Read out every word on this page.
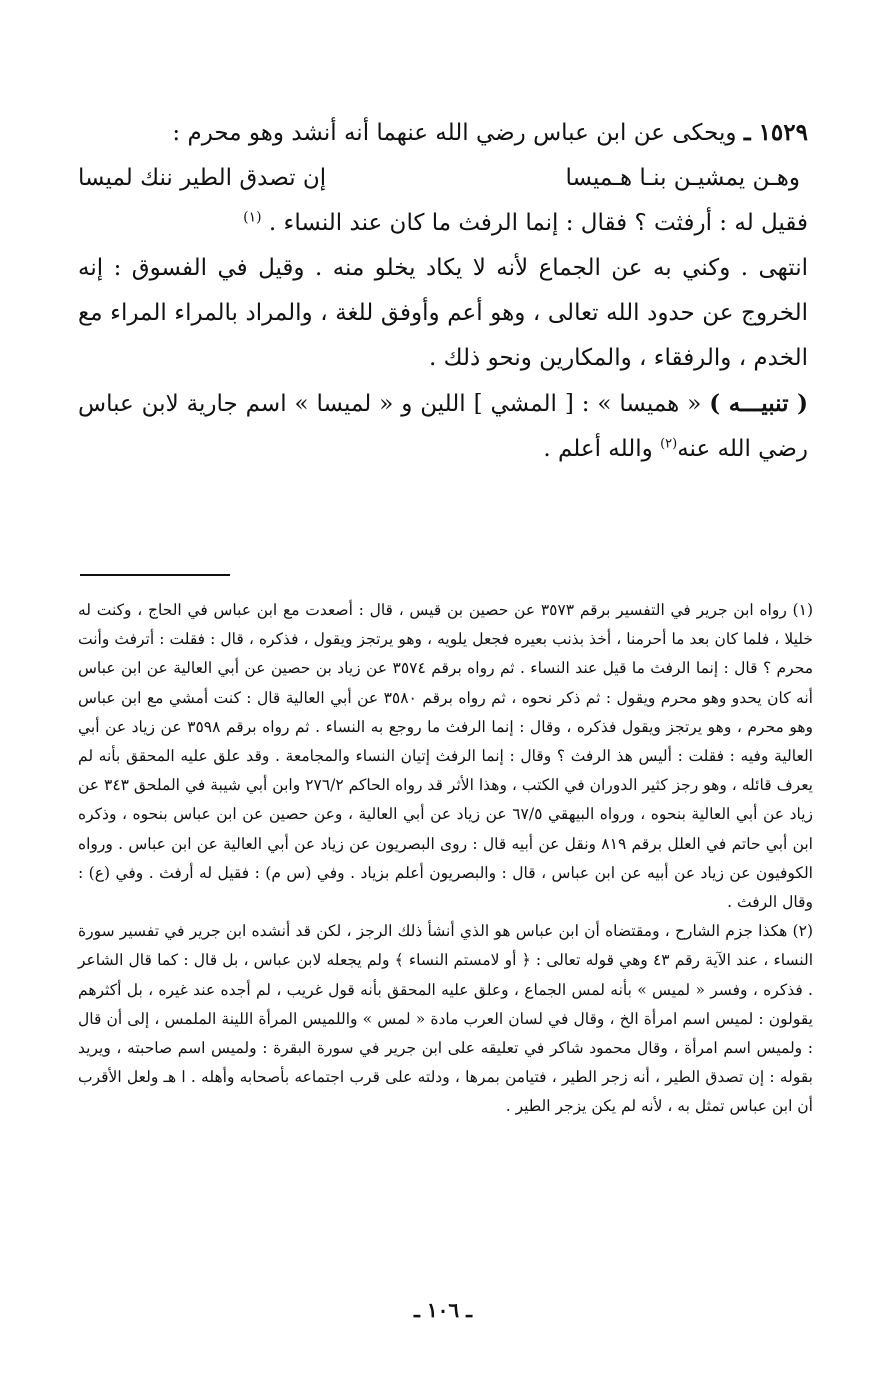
١٥٢٩ ـ ويحكى عن ابن عباس رضي الله عنهما أنه أنشد وهو محرم :

وهـن يمشيـن بنـا هـميسا
إن تصدق الطير ننك لميسا

فقيل له : أرفثت ؟ فقال : إنما الرفث ما كان عند النساء . $^{(١)}$

انتهى . وكني به عن الجماع لأنه لا يكاد يخلو منه . وقيل في الفسوق : إنه الخروج عن حدود الله تعالى ، وهو أعم وأوفق للغة ، والمراد بالمراء المراء مع الخدم ، والرفقاء ، والمكارين ونحو ذلك .

( تنبيـــه ) « هميسا » : [ المشي ] اللين و « لميسا » اسم جارية لابن عباس رضي الله عنه$^{(٢)}$ والله أعلم .

(١) رواه ابن جرير في التفسير برقم ٣٥٧٣ عن حصين بن قيس ، قال : أصعدت مع ابن عباس في الحاج ، وكنت له خليلا ، فلما كان بعد ما أحرمنا ، أخذ بذنب بعيره فجعل يلويه ، وهو يرتجز ويقول ، فذكره ، قال : فقلت : أترفث وأنت محرم ؟ قال : إنما الرفث ما قيل عند النساء . ثم رواه برقم ٣٥٧٤ عن زياد بن حصين عن أبي العالية عن ابن عباس أنه كان يحدو وهو محرم ويقول : ثم ذكر نحوه ، ثم رواه برقم ٣٥٨٠ عن أبي العالية قال : كنت أمشي مع ابن عباس وهو محرم ، وهو يرتجز ويقول فذكره ، وقال : إنما الرفث ما روجع به النساء . ثم رواه برقم ٣٥٩٨ عن زياد عن أبي العالية وفيه : فقلت : أليس هذ الرفث ؟ وقال : إنما الرفث إتيان النساء والمجامعة . وقد علق عليه المحقق بأنه لم يعرف قائله ، وهو رجز كثير الدوران في الكتب ، وهذا الأثر قد رواه الحاكم ٢٧٦/٢ وابن أبي شيبة في الملحق ٣٤٣ عن زياد عن أبي العالية بنحوه ، ورواه البيهقي ٦٧/٥ عن زياد عن أبي العالية ، وعن حصين عن ابن عباس بنحوه ، وذكره ابن أبي حاتم في العلل برقم ٨١٩ ونقل عن أبيه قال : روى البصريون عن زياد عن أبي العالية عن ابن عباس . ورواه الكوفيون عن زياد عن أبيه عن ابن عباس ، قال : والبصريون أعلم بزياد . وفي (س م) : فقيل له أرفث . وفي (ع) : وقال الرفث .

(٢) هكذا جزم الشارح ، ومقتضاه أن ابن عباس هو الذي أنشأ ذلك الرجز ، لكن قد أنشده ابن جرير في تفسير سورة النساء ، عند الآية رقم ٤٣ وهي قوله تعالى : ﴿ أو لامستم النساء ﴾ ولم يجعله لابن عباس ، بل قال : كما قال الشاعر . فذكره ، وفسر « لميس » بأنه لمس الجماع ، وعلق عليه المحقق بأنه قول غريب ، لم أجده عند غيره ، بل أكثرهم يقولون : لميس اسم امرأة الخ ، وقال في لسان العرب مادة « لمس » واللميس المرأة اللينة الملمس ، إلى أن قال : ولميس اسم امرأة ، وقال محمود شاكر في تعليقه على ابن جرير في سورة البقرة : ولميس اسم صاحبته ، ويريد بقوله : إن تصدق الطير ، أنه زجر الطير ، فتيامن بمرها ، ودلته على قرب اجتماعه بأصحابه وأهله . ا هـ ولعل الأقرب أن ابن عباس تمثل به ، لأنه لم يكن يزجر الطير .

ـ ١٠٦ ـ
